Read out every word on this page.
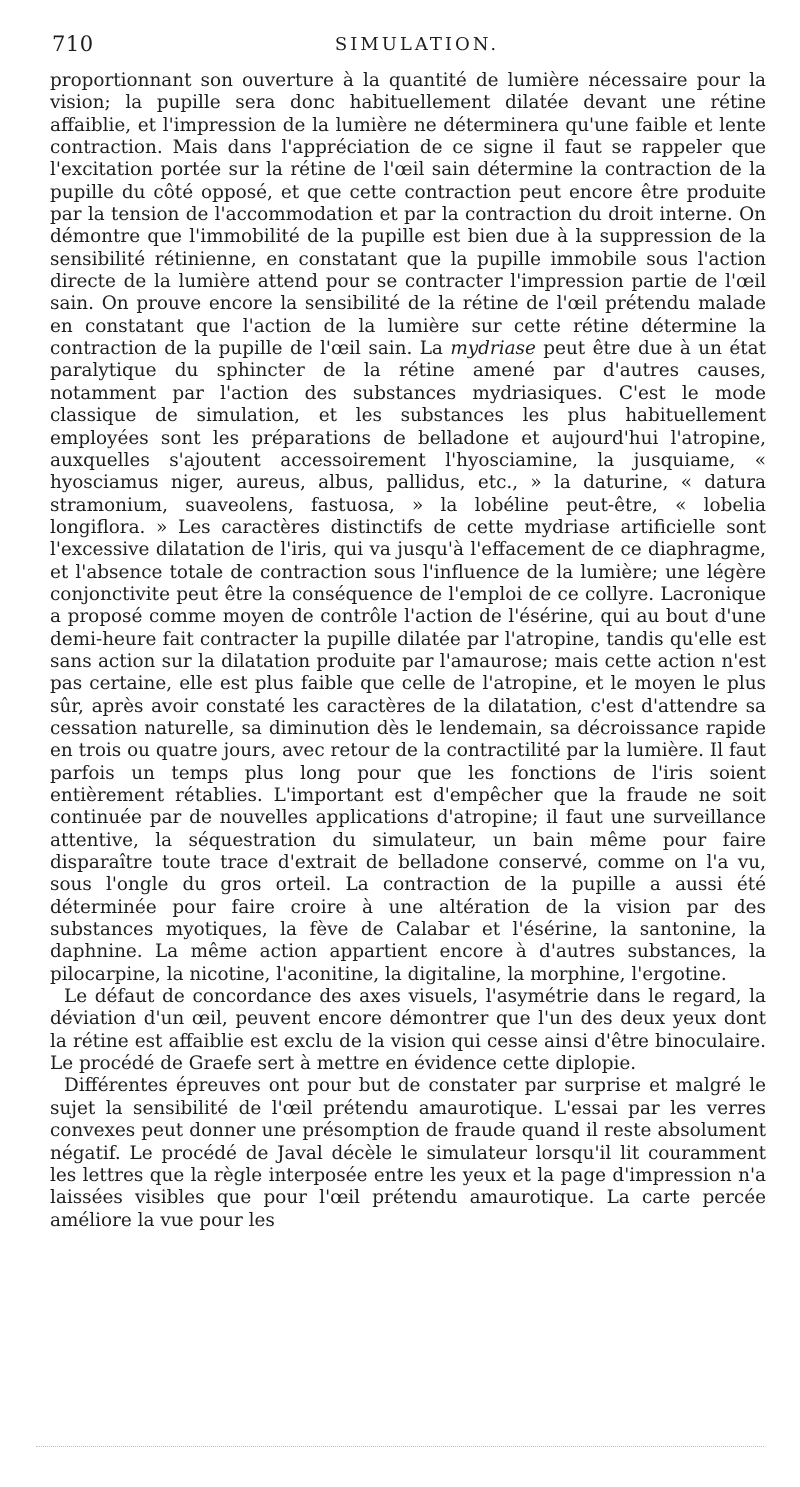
710	SIMULATION.

proportionnant son ouverture à la quantité de lumière nécessaire pour la vision; la pupille sera donc habituellement dilatée devant une rétine affaiblie, et l'impression de la lumière ne déterminera qu'une faible et lente contraction. Mais dans l'appréciation de ce signe il faut se rappeler que l'excitation portée sur la rétine de l'œil sain détermine la contraction de la pupille du côté opposé, et que cette contraction peut encore être produite par la tension de l'accommodation et par la contraction du droit interne. On démontre que l'immobilité de la pupille est bien due à la suppression de la sensibilité rétinienne, en constatant que la pupille immobile sous l'action directe de la lumière attend pour se contracter l'impression partie de l'œil sain. On prouve encore la sensibilité de la rétine de l'œil prétendu malade en constatant que l'action de la lumière sur cette rétine détermine la contraction de la pupille de l'œil sain. La mydriase peut être due à un état paralytique du sphincter de la rétine amené par d'autres causes, notamment par l'action des substances mydriasiques. C'est le mode classique de simulation, et les substances les plus habituellement employées sont les préparations de belladone et aujourd'hui l'atropine, auxquelles s'ajoutent accessoirement l'hyosciamine, la jusquiame, « hyosciamus niger, aureus, albus, pallidus, etc., » la daturine, « datura stramonium, suaveolens, fastuosa, » la lobéline peut-être, « lobelia longiflora. » Les caractères distinctifs de cette mydriase artificielle sont l'excessive dilatation de l'iris, qui va jusqu'à l'effacement de ce diaphragme, et l'absence totale de contraction sous l'influence de la lumière; une légère conjonctivite peut être la conséquence de l'emploi de ce collyre. Lacronique a proposé comme moyen de contrôle l'action de l'ésérine, qui au bout d'une demi-heure fait contracter la pupille dilatée par l'atropine, tandis qu'elle est sans action sur la dilatation produite par l'amaurose; mais cette action n'est pas certaine, elle est plus faible que celle de l'atropine, et le moyen le plus sûr, après avoir constaté les caractères de la dilatation, c'est d'attendre sa cessation naturelle, sa diminution dès le lendemain, sa décroissance rapide en trois ou quatre jours, avec retour de la contractilité par la lumière. Il faut parfois un temps plus long pour que les fonctions de l'iris soient entièrement rétablies. L'important est d'empêcher que la fraude ne soit continuée par de nouvelles applications d'atropine; il faut une surveillance attentive, la séquestration du simulateur, un bain même pour faire disparaître toute trace d'extrait de belladone conservé, comme on l'a vu, sous l'ongle du gros orteil. La contraction de la pupille a aussi été déterminée pour faire croire à une altération de la vision par des substances myotiques, la fève de Calabar et l'ésérine, la santonine, la daphnine. La même action appartient encore à d'autres substances, la pilocarpine, la nicotine, l'aconitine, la digitaline, la morphine, l'ergotine.

Le défaut de concordance des axes visuels, l'asymétrie dans le regard, la déviation d'un œil, peuvent encore démontrer que l'un des deux yeux dont la rétine est affaiblie est exclu de la vision qui cesse ainsi d'être binoculaire. Le procédé de Graefe sert à mettre en évidence cette diplopie.

Différentes épreuves ont pour but de constater par surprise et malgré le sujet la sensibilité de l'œil prétendu amaurotique. L'essai par les verres convexes peut donner une présomption de fraude quand il reste absolument négatif. Le procédé de Javal décèle le simulateur lorsqu'il lit couramment les lettres que la règle interposée entre les yeux et la page d'impression n'a laissées visibles que pour l'œil prétendu amaurotique. La carte percée améliore la vue pour les
